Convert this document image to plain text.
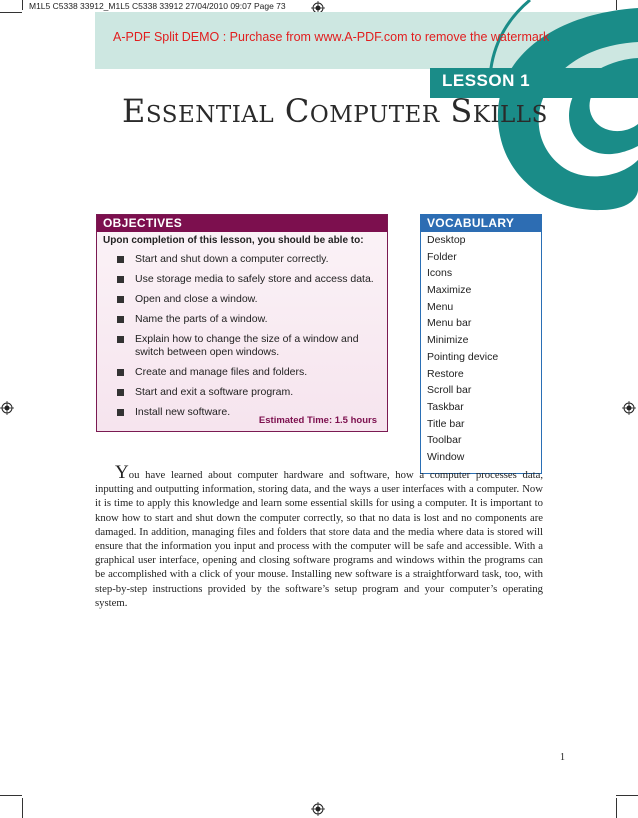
LESSON 1
M1L5 C5338 33912_M1L5 C5338 33912 27/04/2010 09:07 Page 73
A-PDF Split DEMO : Purchase from www.A-PDF.com to remove the watermark
ESSENTIAL COMPUTER SKILLS
OBJECTIVES
Upon completion of this lesson, you should be able to:
Start and shut down a computer correctly.
Use storage media to safely store and access data.
Open and close a window.
Name the parts of a window.
Explain how to change the size of a window and switch between open windows.
Create and manage files and folders.
Start and exit a software program.
Install new software.
Estimated Time: 1.5 hours
VOCABULARY
Desktop
Folder
Icons
Maximize
Menu
Menu bar
Minimize
Pointing device
Restore
Scroll bar
Taskbar
Title bar
Toolbar
Window
You have learned about computer hardware and software, how a computer processes data, inputting and outputting information, storing data, and the ways a user interfaces with a computer. Now it is time to apply this knowledge and learn some essential skills for using a computer. It is important to know how to start and shut down the computer correctly, so that no data is lost and no components are damaged. In addition, managing files and folders that store data and the media where data is stored will ensure that the information you input and process with the computer will be safe and accessible. With a graphical user interface, opening and closing software programs and windows within the programs can be accomplished with a click of your mouse. Installing new software is a straightforward task, too, with step-by-step instructions provided by the software’s setup program and your computer’s operating system.
1
